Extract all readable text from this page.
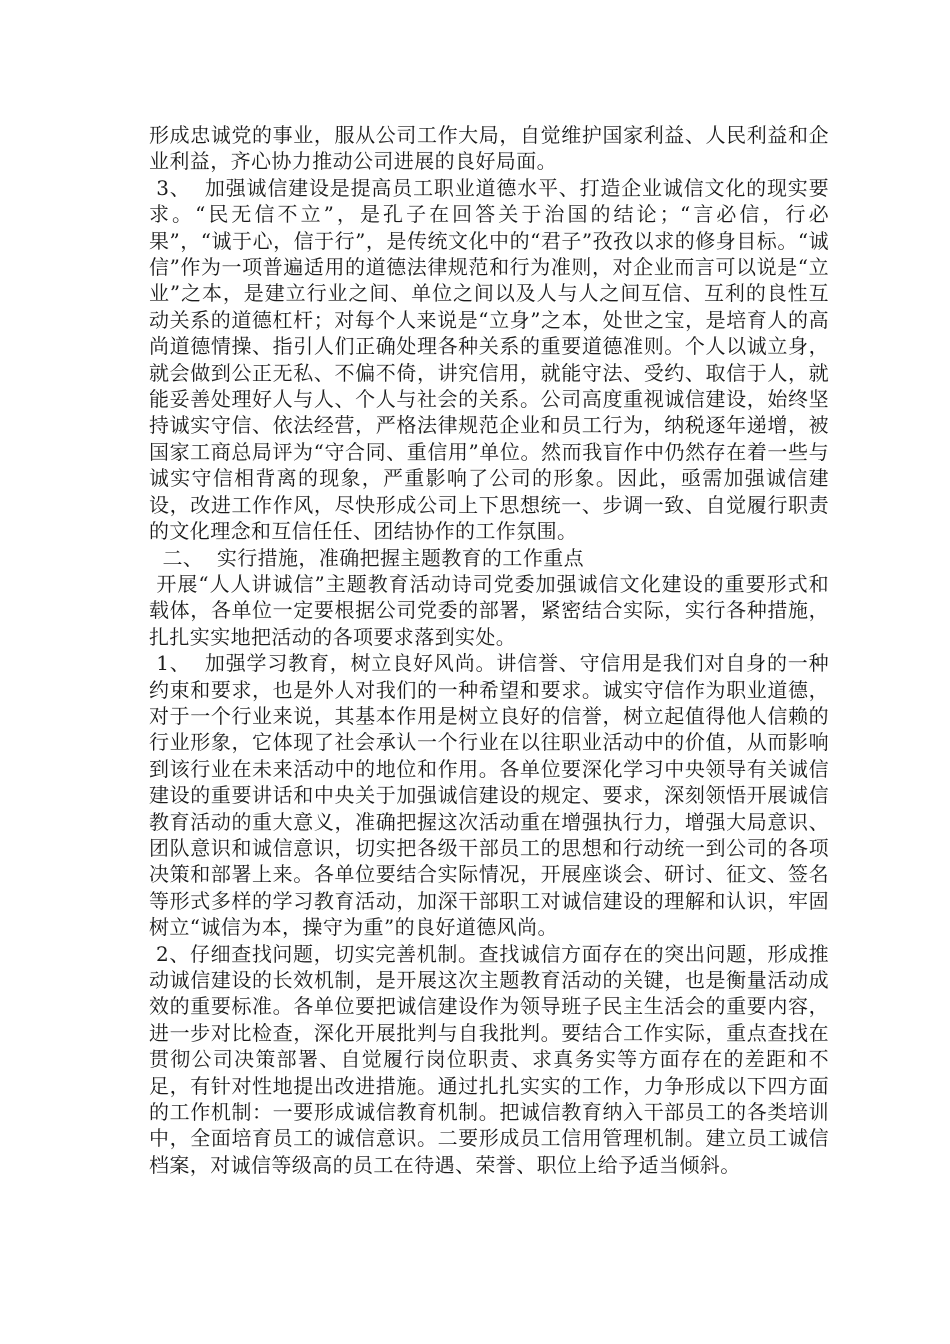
形成忠诚党的事业，服从公司工作大局，自觉维护国家利益、人民利益和企业利益，齐心协力推动公司进展的良好局面。

3、  加强诚信建设是提高员工职业道德水平、打造企业诚信文化的现实要求。“民无信不立”，是孔子在回答关于治国的结论；“言必信，行必果”，“诚于心，信于行”，是传统文化中的“君子”孜孜以求的修身目标。“诚信”作为一项普遍适用的道德法律规范和行为准则，对企业而言可以说是“立业”之本，是建立行业之间、单位之间以及人与人之间互信、互利的良性互动关系的道德杠杆；对每个人来说是“立身”之本，处世之宝，是培育人的高尚道德情操、指引人们正确处理各种关系的重要道德准则。个人以诚立身，就会做到公正无私、不偏不倚，讲究信用，就能守法、受约、取信于人，就能妥善处理好人与人、个人与社会的关系。公司高度重视诚信建设，始终坚持诚实守信、依法经营，严格法律规范企业和员工行为，纳税逐年递增，被国家工商总局评为“守合同、重信用”单位。然而我盲作中仍然存在着一些与诚实守信相背离的现象，严重影响了公司的形象。因此，亟需加强诚信建设，改进工作作风，尽快形成公司上下思想统一、步调一致、自觉履行职责的文化理念和互信任任、团结协作的工作氛围。

二、  实行措施，准确把握主题教育的工作重点

开展“人人讲诚信”主题教育活动诗司党委加强诚信文化建设的重要形式和载体，各单位一定要根据公司党委的部署，紧密结合实际，实行各种措施，扎扎实实地把活动的各项要求落到实处。

1、  加强学习教育，树立良好风尚。讲信誉、守信用是我们对自身的一种约束和要求，也是外人对我们的一种希望和要求。诚实守信作为职业道德，对于一个行业来说，其基本作用是树立良好的信誉，树立起值得他人信赖的行业形象，它体现了社会承认一个行业在以往职业活动中的价值，从而影响到该行业在未来活动中的地位和作用。各单位要深化学习中央领导有关诚信建设的重要讲话和中央关于加强诚信建设的规定、要求，深刻领悟开展诚信教育活动的重大意义，准确把握这次活动重在增强执行力，增强大局意识、团队意识和诚信意识，切实把各级干部员工的思想和行动统一到公司的各项决策和部署上来。各单位要结合实际情况，开展座谈会、研讨、征文、签名等形式多样的学习教育活动，加深干部职工对诚信建设的理解和认识，牢固树立“诚信为本，操守为重”的良好道德风尚。

2、仔细查找问题，切实完善机制。查找诚信方面存在的突出问题，形成推动诚信建设的长效机制，是开展这次主题教育活动的关键，也是衡量活动成效的重要标准。各单位要把诚信建设作为领导班子民主生活会的重要内容，进一步对比检查，深化开展批判与自我批判。要结合工作实际，重点查找在贯彻公司决策部署、自觉履行岗位职责、求真务实等方面存在的差距和不足，有针对性地提出改进措施。通过扎扎实实的工作，力争形成以下四方面的工作机制：一要形成诚信教育机制。把诚信教育纳入干部员工的各类培训中，全面培育员工的诚信意识。二要形成员工信用管理机制。建立员工诚信档案，对诚信等级高的员工在待遇、荣誉、职位上给予适当倾斜。
